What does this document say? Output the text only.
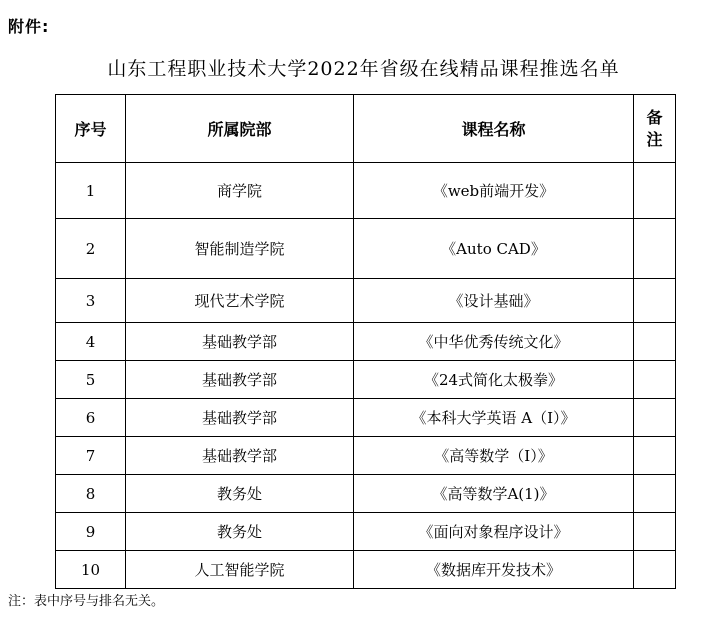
附件:
山东工程职业技术大学2022年省级在线精品课程推选名单
序号	所属院部	课程名称	备
注
1	商学院	《web前端开发》	
2	智能制造学院	《Auto CAD》	
3	现代艺术学院	《设计基础》	
4	基础教学部	《中华优秀传统文化》	
5	基础教学部	《24式简化太极拳》	
6	基础教学部	《本科大学英语 A（I）》	
7	基础教学部	《高等数学（I）》	
8	教务处	《高等数学A(1)》	
9	教务处	《面向对象程序设计》	
10	人工智能学院	《数据库开发技术》	
注：表中序号与排名无关。
